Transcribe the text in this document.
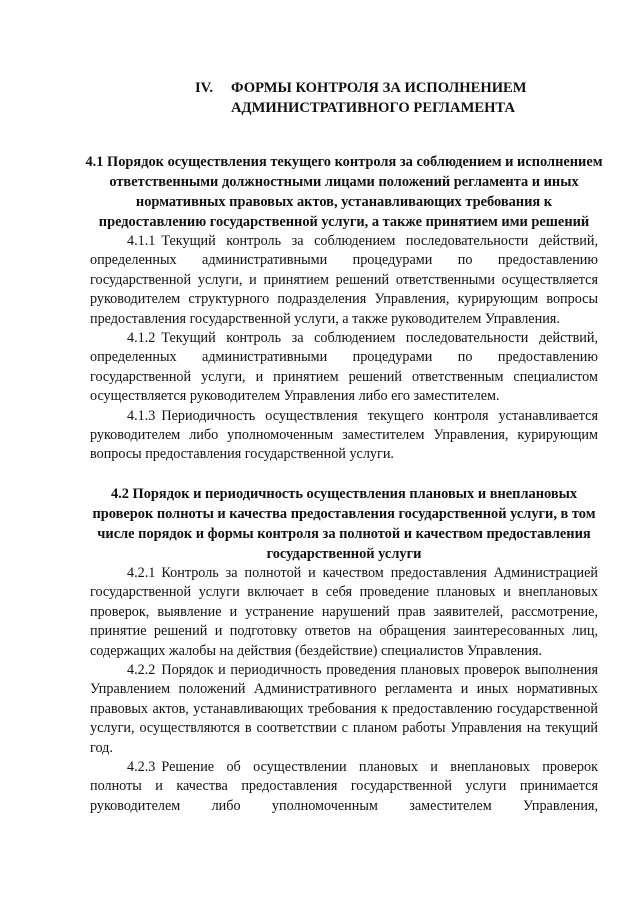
IV. ФОРМЫ КОНТРОЛЯ ЗА ИСПОЛНЕНИЕМ
АДМИНИСТРАТИВНОГО РЕГЛАМЕНТА
4.1 Порядок осуществления текущего контроля за соблюдением и исполнением ответственными должностными лицами положений регламента и иных нормативных правовых актов, устанавливающих требования к предоставлению государственной услуги, а также принятием ими решений

4.1.1 Текущий контроль за соблюдением последовательности действий, определенных административными процедурами по предоставлению государственной услуги, и принятием решений ответственными осуществляется руководителем структурного подразделения Управления, курирующим вопросы предоставления государственной услуги, а также руководителем Управления.

4.1.2 Текущий контроль за соблюдением последовательности действий, определенных административными процедурами по предоставлению государственной услуги, и принятием решений ответственным специалистом осуществляется руководителем Управления либо его заместителем.

4.1.3 Периодичность осуществления текущего контроля устанавливается руководителем либо уполномоченным заместителем Управления, курирующим вопросы предоставления государственной услуги.

4.2 Порядок и периодичность осуществления плановых и внеплановых проверок полноты и качества предоставления государственной услуги, в том числе порядок и формы контроля за полнотой и качеством предоставления государственной услуги

4.2.1 Контроль за полнотой и качеством предоставления Администрацией государственной услуги включает в себя проведение плановых и внеплановых проверок, выявление и устранение нарушений прав заявителей, рассмотрение, принятие решений и подготовку ответов на обращения заинтересованных лиц, содержащих жалобы на действия (бездействие) специалистов Управления.

4.2.2 Порядок и периодичность проведения плановых проверок выполнения Управлением положений Административного регламента и иных нормативных правовых актов, устанавливающих требования к предоставлению государственной услуги, осуществляются в соответствии с планом работы Управления на текущий год.

4.2.3 Решение об осуществлении плановых и внеплановых проверок полноты и качества предоставления государственной услуги принимается руководителем либо уполномоченным заместителем Управления,
